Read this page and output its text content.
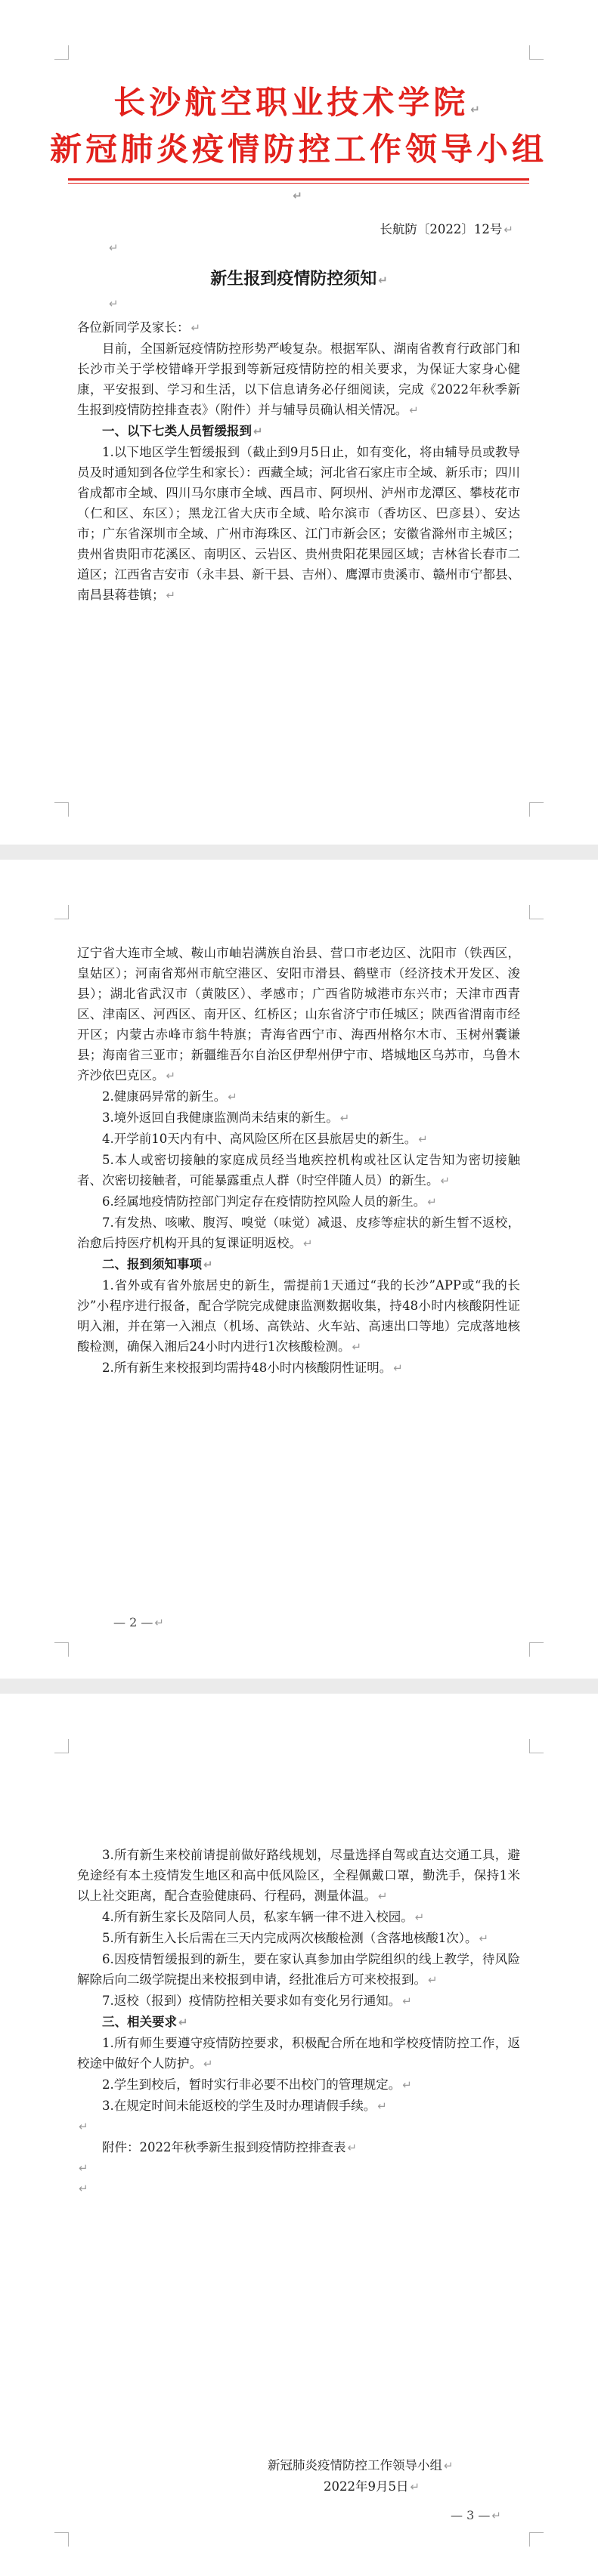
长沙航空职业技术学院 ↵
新冠肺炎疫情防控工作领导小组↵
长航防〔2022〕12号 ↵
↵
新生报到疫情防控须知 ↵
↵

各位新同学及家长： ↵

目前，全国新冠疫情防控形势严峻复杂。根据军队、湖南省教育行政部门和长沙市关于学校错峰开学报到等新冠疫情防控的相关要求，为保证大家身心健康，平安报到、学习和生活，以下信息请务必仔细阅读，完成《2022年秋季新生报到疫情防控排查表》（附件）并与辅导员确认相关情况。 ↵

一、以下七类人员暂缓报到 ↵

1.以下地区学生暂缓报到（截止到9月5日止，如有变化，将由辅导员或教导员及时通知到各位学生和家长）：西藏全域；河北省石家庄市全域、新乐市；四川省成都市全域、四川马尔康市全域、西昌市、阿坝州、泸州市龙潭区、攀枝花市（仁和区、东区）；黑龙江省大庆市全域、哈尔滨市（香坊区、巴彦县）、安达市；广东省深圳市全域、广州市海珠区、江门市新会区；安徽省滁州市主城区；贵州省贵阳市花溪区、南明区、云岩区、贵州贵阳花果园区域；吉林省长春市二道区；江西省吉安市（永丰县、新干县、吉州）、鹰潭市贵溪市、赣州市宁都县、南昌县蒋巷镇； ↵

辽宁省大连市全域、鞍山市岫岩满族自治县、营口市老边区、沈阳市（铁西区，皇姑区）；河南省郑州市航空港区、安阳市滑县、鹤壁市（经济技术开发区、浚县）；湖北省武汉市（黄陂区）、孝感市；广西省防城港市东兴市；天津市西青区、津南区、河西区、南开区、红桥区；山东省济宁市任城区；陕西省渭南市经开区；内蒙古赤峰市翁牛特旗；青海省西宁市、海西州格尔木市、玉树州囊谦县；海南省三亚市；新疆维吾尔自治区伊犁州伊宁市、塔城地区乌苏市，乌鲁木齐沙依巴克区。 ↵

2.健康码异常的新生。 ↵

3.境外返回自我健康监测尚未结束的新生。 ↵

4.开学前10天内有中、高风险区所在区县旅居史的新生。 ↵

5.本人或密切接触的家庭成员经当地疾控机构或社区认定告知为密切接触者、次密切接触者，可能暴露重点人群（时空伴随人员）的新生。 ↵

6.经属地疫情防控部门判定存在疫情防控风险人员的新生。 ↵

7.有发热、咳嗽、腹泻、嗅觉（味觉）减退、皮疹等症状的新生暂不返校，治愈后持医疗机构开具的复课证明返校。 ↵

二、报到须知事项 ↵

1.省外或有省外旅居史的新生，需提前1天通过“我的长沙”APP或“我的长沙”小程序进行报备，配合学院完成健康监测数据收集，持48小时内核酸阴性证明入湘，并在第一入湘点（机场、高铁站、火车站、高速出口等地）完成落地核酸检测，确保入湘后24小时内进行1次核酸检测。 ↵

2.所有新生来校报到均需持48小时内核酸阴性证明。 ↵

— 2 — ↵

3.所有新生来校前请提前做好路线规划，尽量选择自驾或直达交通工具，避免途经有本土疫情发生地区和高中低风险区，全程佩戴口罩，勤洗手，保持1米以上社交距离，配合查验健康码、行程码，测量体温。 ↵

4.所有新生家长及陪同人员，私家车辆一律不进入校园。 ↵

5.所有新生入长后需在三天内完成两次核酸检测（含落地核酸1次）。 ↵

6.因疫情暂缓报到的新生，要在家认真参加由学院组织的线上教学，待风险解除后向二级学院提出来校报到申请，经批准后方可来校报到。 ↵

7.返校（报到）疫情防控相关要求如有变化另行通知。 ↵

三、相关要求 ↵

1.所有师生要遵守疫情防控要求，积极配合所在地和学校疫情防控工作，返校途中做好个人防护。 ↵

2.学生到校后，暂时实行非必要不出校门的管理规定。 ↵

3.在规定时间未能返校的学生及时办理请假手续。 ↵

↵

附件：2022年秋季新生报到疫情防控排查表 ↵

↵

↵

新冠肺炎疫情防控工作领导小组 ↵
2022年9月5日 ↵
— 3 — ↵
